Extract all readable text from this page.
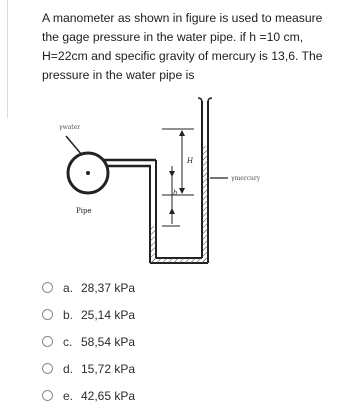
A manometer as shown in figure is used to measure the gage pressure in the water pipe. if h =10 cm, H=22cm and specific gravity of mercury is 13,6. The pressure in the water pipe is
γwater
Pipe
H
h
γmercury
a. 28,37 kPa
b. 25,14 kPa
c. 58,54 kPa
d. 15,72 kPa
e. 42,65 kPa
